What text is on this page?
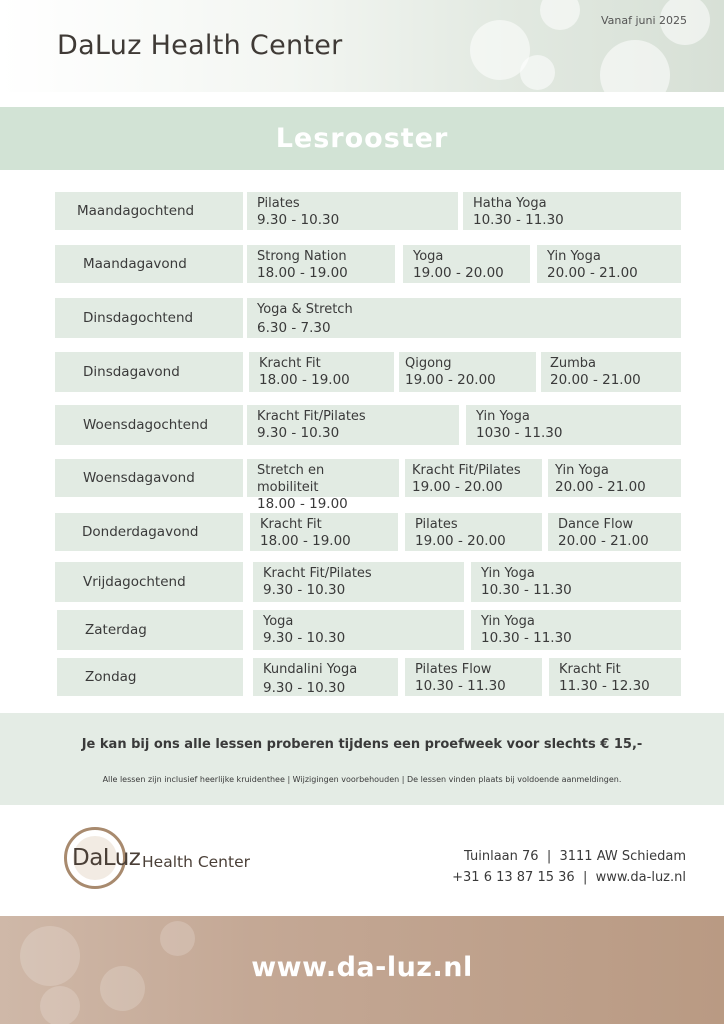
DaLuz Health Center
Vanaf juni 2025
Lesrooster
Maandagochtend	Pilates
9.30 - 10.30
Hatha Yoga
10.30 - 11.30
Maandagavond	Strong Nation
18.00 - 19.00
Yoga
19.00 - 20.00
Yin Yoga
20.00 - 21.00
Dinsdagochtend	Yoga & Stretch
6.30 - 7.30
Dinsdagavond	Kracht Fit
18.00 - 19.00
Qigong
19.00 - 20.00
Zumba
20.00 - 21.00
Woensdagochtend	Kracht Fit/Pilates
9.30 - 10.30
Yin Yoga
1030 - 11.30
Woensdagavond	Stretch en mobiliteit
18.00 - 19.00
Kracht Fit/Pilates
19.00 - 20.00
Yin Yoga
20.00 - 21.00
Donderdagavond	Kracht Fit
18.00 - 19.00
Pilates
19.00 - 20.00
Dance Flow
20.00 - 21.00
Vrijdagochtend	Kracht Fit/Pilates
9.30 - 10.30
Yin Yoga
10.30 - 11.30
Zaterdag	Yoga
9.30 - 10.30
Yin Yoga
10.30 - 11.30
Zondag	Kundalini Yoga
9.30 - 10.30
Pilates Flow
10.30 - 11.30
Kracht Fit
11.30 - 12.30
Je kan bij ons alle lessen proberen tijdens een proefweek voor slechts € 15,-
Alle lessen zijn inclusief heerlijke kruidenthee | Wijzigingen voorbehouden | De lessen vinden plaats bij voldoende aanmeldingen.
DaLuz Health Center	Tuinlaan 76  |  3111 AW Schiedam
+31 6 13 87 15 36  |  www.da-luz.nl
www.da-luz.nl
